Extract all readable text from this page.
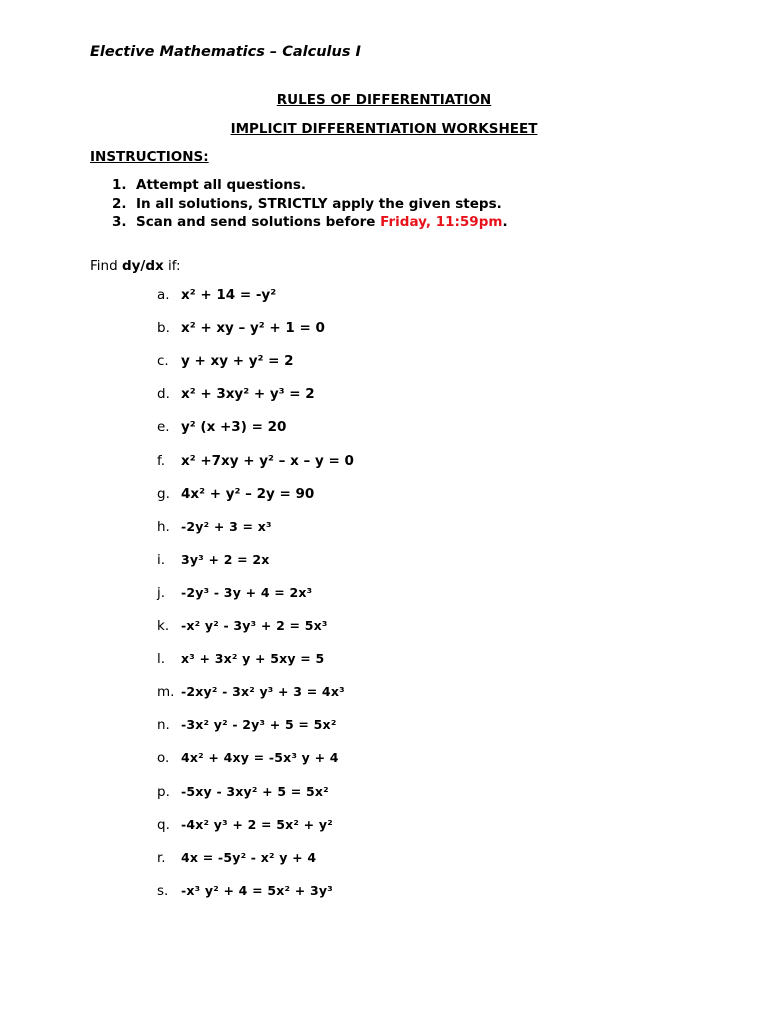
Elective Mathematics – Calculus I
RULES OF DIFFERENTIATION
IMPLICIT DIFFERENTIATION WORKSHEET
INSTRUCTIONS:
1. Attempt all questions.
2. In all solutions, STRICTLY apply the given steps.
3. Scan and send solutions before Friday, 11:59pm.
Find dy/dx if:
a. x² + 14 = -y²
b. x² + xy – y² + 1 = 0
c. y + xy + y² = 2
d. x² + 3xy² + y³ = 2
e. y² (x +3) = 20
f. x² +7xy + y² – x – y = 0
g. 4x² + y² – 2y = 90
h. -2y² + 3 = x³
i. 3y³ + 2 = 2x
j. -2y³ - 3y + 4 = 2x³
k. -x² y² - 3y³ + 2 = 5x³
l. x³ + 3x² y + 5xy = 5
m. -2xy² - 3x² y³ + 3 = 4x³
n. -3x² y² - 2y³ + 5 = 5x²
o. 4x² + 4xy = -5x³ y + 4
p. -5xy - 3xy² + 5 = 5x²
q. -4x² y³ + 2 = 5x² + y²
r. 4x = -5y² - x² y + 4
s. -x³ y² + 4 = 5x² + 3y³
